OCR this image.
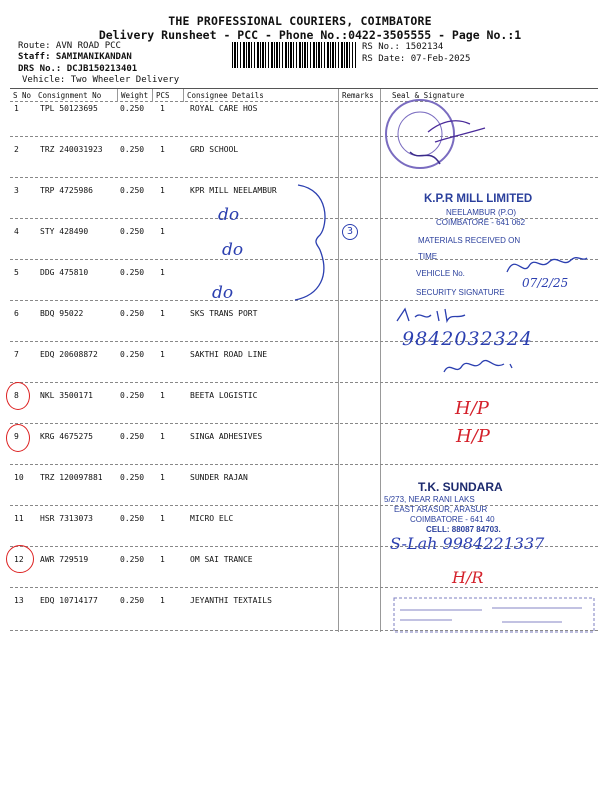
THE PROFESSIONAL COURIERS, COIMBATORE
Delivery Runsheet - PCC - Phone No.:0422-3505555 - Page No.:1
Route: AVN ROAD PCC
Staff: SAMIMANIKANDAN
DRS No.: DCJB150213401
Vehicle: Two Wheeler Delivery
RS No.: 1502134
RS Date: 07-Feb-2025
S No Consignment No	Weight PCS Consignee Details	Remarks Seal & Signature
1	TPL 50123695	0.250 1	ROYAL CARE HOS
2	TRZ 240031923 0.250 1	GRD SCHOOL
3	TRP 4725986	0.250 1	KPR MILL NEELAMBUR
4	STY 428490	0.250 1
5	DDG 475810	0.250 1
6	BDQ 95022	0.250 1	SKS TRANS PORT
7	EDQ 20608872	0.250 1	SAKTHI ROAD LINE
8	NKL 3500171	0.250 1	BEETA LOGISTIC
9	KRG 4675275	0.250 1	SINGA ADHESIVES
10 TRZ 120097881 0.250 1	SUNDER RAJAN
11 HSR 7313073	0.250 1	MICRO ELC
12 AWR 729519	0.250 1	OM SAI TRANCE
13 EDQ 10714177	0.250 1	JEYANTHI TEXTAILS
do
do
do
3
K.P.R MILL LIMITED
NEELAMBUR (P.O)
COIMBATORE - 641 062
MATERIALS RECEIVED ON
TIME
VEHICLE No.
SECURITY SIGNATURE
07/2/25
9842032324
H/P
H/P
T.K. SUNDARA
5/273, NEAR RANI LAKS
EAST ARASUR, ARASUR
COIMBATORE - 641 40
CELL: 88087 84703.
S-Lah 9984221337
H/R
